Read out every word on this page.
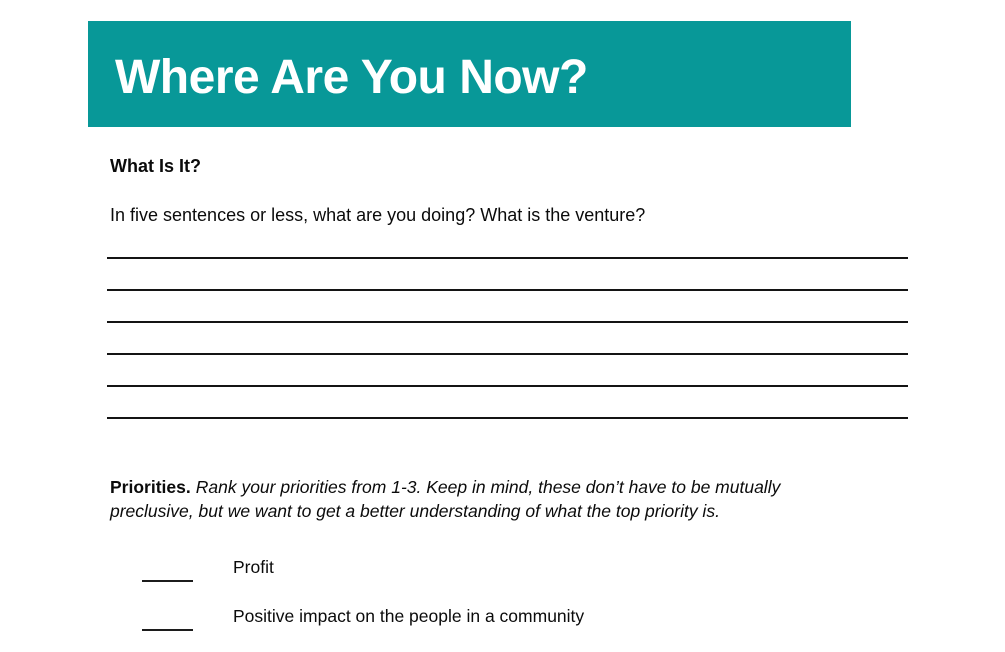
Where Are You Now?
What Is It?
In five sentences or less, what are you doing? What is the venture?

Priorities. Rank your priorities from 1-3. Keep in mind, these don’t have to be mutually
preclusive, but we want to get a better understanding of what the top priority is.

Profit
Positive impact on the people in a community
